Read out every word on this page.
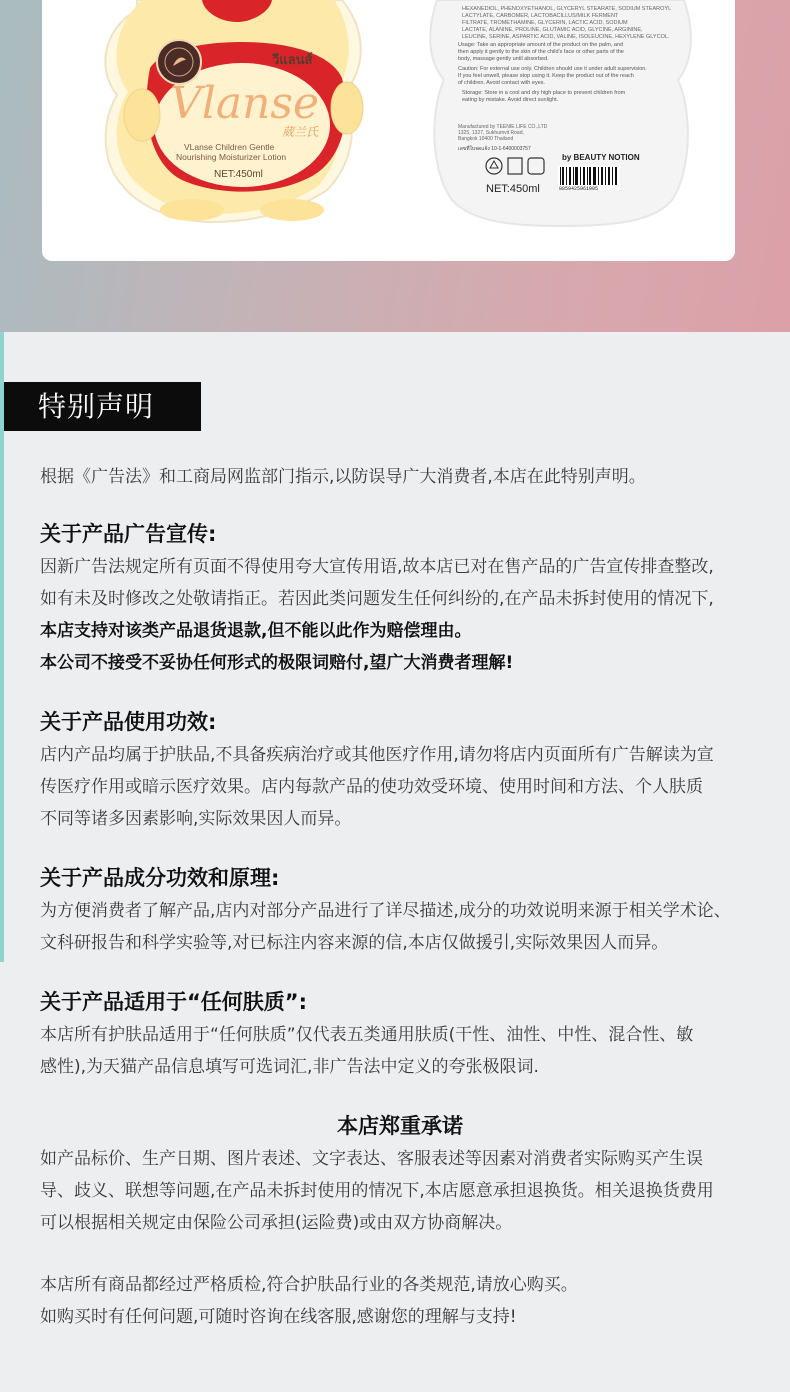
วีแลนส์
Vlanse
葳兰氏
VLanse Children Gentle
Nourishing Moisturizer Lotion
NET:450ml
HEXANEDIOL, PHENOXYETHANOL, GLYCERYL STEARATE, SODIUM STEAROYL LACTYLATE, CARBOMER, LACTOBACILLUS/MILK FERMENT FILTRATE, TROMETHAMINE, GLYCERIN, LACTIC ACID, SODIUM LACTATE, ALANINE, PROLINE, GLUTAMIC ACID, GLYCINE, ARGININE, LEUCINE, SERINE, ASPARTIC ACID, VALINE, ISOLEUCINE, HEXYLENE GLYCOL.
Usage: Take an appropriate amount of the product on the palm, and then apply it gently to the skin of the child's face or other parts of the body, massage gently until absorbed.
Caution: For external use only. Children should use it under adult supervision. If you feel unwell, please stop using it. Keep the product out of the reach of children. Avoid contact with eyes.
Storage: Store in a cool and dry high place to prevent children from eating by mistake. Avoid direct sunlight.
Manufactured by TEENIE LIFE CO.,LTD 1325, 1327, Sukhumvit Road, Bangkok 10400 Thailand
เลขที่ใบจดแจ้ง 10-1-6400003757
by BEAUTY NOTION
NET:450ml	8859425961005
特别声明

根据《广告法》和工商局网监部门指示,以防误导广大消费者,本店在此特别声明。

关于产品广告宣传:
因新广告法规定所有页面不得使用夸大宣传用语,故本店已对在售产品的广告宣传排查整改,
如有未及时修改之处敬请指正。若因此类问题发生任何纠纷的,在产品未拆封使用的情况下,
本店支持对该类产品退货退款,但不能以此作为赔偿理由。
本公司不接受不妥协任何形式的极限词赔付,望广大消费者理解!
关于产品使用功效:
店内产品均属于护肤品,不具备疾病治疗或其他医疗作用,请勿将店内页面所有广告解读为宣
传医疗作用或暗示医疗效果。店内每款产品的使功效受环境、使用时间和方法、个人肤质
不同等诸多因素影响,实际效果因人而异。
关于产品成分功效和原理:
为方便消费者了解产品,店内对部分产品进行了详尽描述,成分的功效说明来源于相关学术论、
文科研报告和科学实验等,对已标注内容来源的信,本店仅做援引,实际效果因人而异。
关于产品适用于“任何肤质”:
本店所有护肤品适用于“任何肤质”仅代表五类通用肤质(干性、油性、中性、混合性、敏
感性),为天猫产品信息填写可选词汇,非广告法中定义的夸张极限词.
本店郑重承诺
如产品标价、生产日期、图片表述、文字表达、客服表述等因素对消费者实际购买产生误
导、歧义、联想等问题,在产品未拆封使用的情况下,本店愿意承担退换货。相关退换货费用
可以根据相关规定由保险公司承担(运险费)或由双方协商解决。
本店所有商品都经过严格质检,符合护肤品行业的各类规范,请放心购买。
如购买时有任何问题,可随时咨询在线客服,感谢您的理解与支持!
